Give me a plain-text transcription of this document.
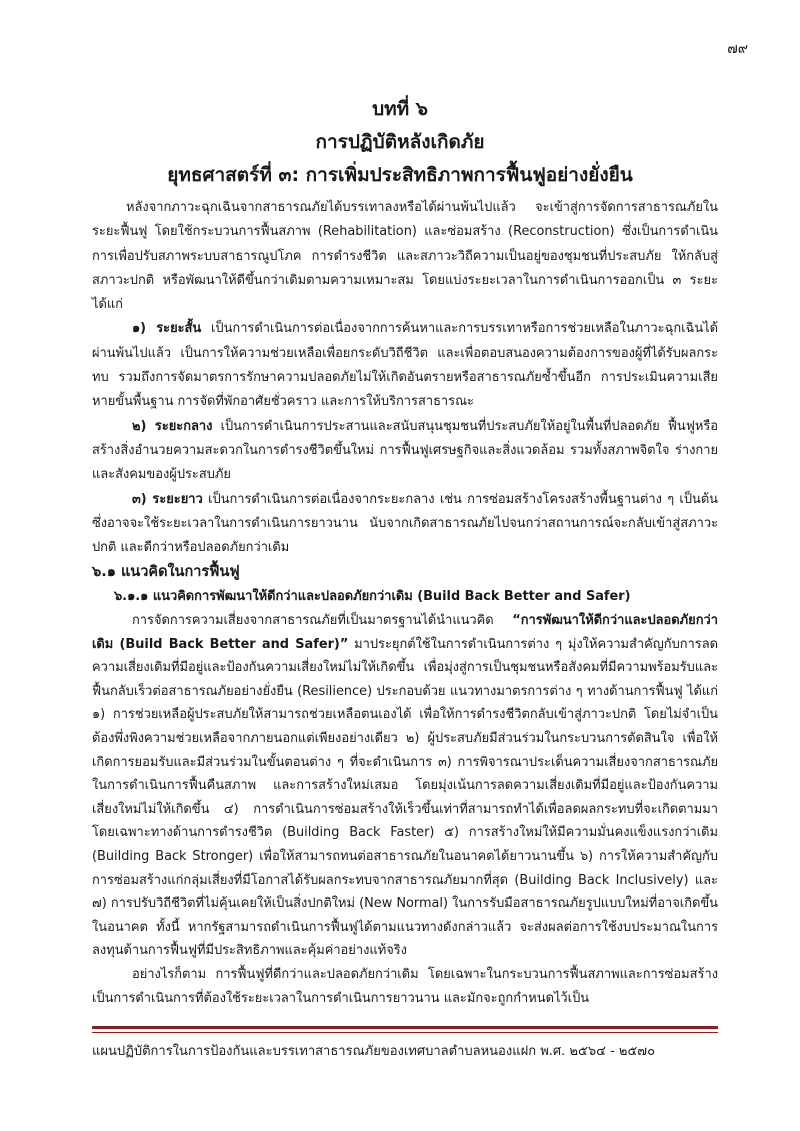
๗๙
บทที่ ๖
การปฏิบัติหลังเกิดภัย
ยุทธศาสตร์ที่ ๓: การเพิ่มประสิทธิภาพการฟื้นฟูอย่างยั่งยืน

หลังจากภาวะฉุกเฉินจากสาธารณภัยได้บรรเทาลงหรือได้ผ่านพ้นไปแล้ว จะเข้าสู่การจัดการสาธารณภัยในระยะฟื้นฟู โดยใช้กระบวนการฟื้นสภาพ (Rehabilitation) และซ่อมสร้าง (Reconstruction) ซึ่งเป็นการดำเนินการเพื่อปรับสภาพระบบสาธารณูปโภค การดำรงชีวิต และสภาวะวิถีความเป็นอยู่ของชุมชนที่ประสบภัย ให้กลับสู่สภาวะปกติ หรือพัฒนาให้ดีขึ้นกว่าเดิมตามความเหมาะสม โดยแบ่งระยะเวลาในการดำเนินการออกเป็น ๓ ระยะ ได้แก่

๑) ระยะสั้น เป็นการดำเนินการต่อเนื่องจากการค้นหาและการบรรเทาหรือการช่วยเหลือในภาวะฉุกเฉินได้ผ่านพ้นไปแล้ว เป็นการให้ความช่วยเหลือเพื่อยกระดับวิถีชีวิต และเพื่อตอบสนองความต้องการของผู้ที่ได้รับผลกระทบ รวมถึงการจัดมาตรการรักษาความปลอดภัยไม่ให้เกิดอันตรายหรือสาธารณภัยซ้ำขึ้นอีก การประเมินความเสียหายขั้นพื้นฐาน การจัดที่พักอาศัยชั่วคราว และการให้บริการสาธารณะ

๒) ระยะกลาง เป็นการดำเนินการประสานและสนับสนุนชุมชนที่ประสบภัยให้อยู่ในพื้นที่ปลอดภัย ฟื้นฟูหรือสร้างสิ่งอำนวยความสะดวกในการดำรงชีวิตขึ้นใหม่ การฟื้นฟูเศรษฐกิจและสิ่งแวดล้อม รวมทั้งสภาพจิตใจ ร่างกาย และสังคมของผู้ประสบภัย

๓) ระยะยาว เป็นการดำเนินการต่อเนื่องจากระยะกลาง เช่น การซ่อมสร้างโครงสร้างพื้นฐานต่าง ๆ เป็นต้น ซึ่งอาจจะใช้ระยะเวลาในการดำเนินการยาวนาน นับจากเกิดสาธารณภัยไปจนกว่าสถานการณ์จะกลับเข้าสู่สภาวะปกติ และดีกว่าหรือปลอดภัยกว่าเดิม

๖.๑ แนวคิดในการฟื้นฟู

๖.๑.๑ แนวคิดการพัฒนาให้ดีกว่าและปลอดภัยกว่าเดิม (Build Back Better and Safer)

การจัดการความเสี่ยงจากสาธารณภัยที่เป็นมาตรฐานได้นำแนวคิด “การพัฒนาให้ดีกว่าและปลอดภัยกว่าเดิม (Build Back Better and Safer)” มาประยุกต์ใช้ในการดำเนินการต่าง ๆ มุ่งให้ความสำคัญกับการลดความเสี่ยงเดิมที่มีอยู่และป้องกันความเสี่ยงใหม่ไม่ให้เกิดขึ้น เพื่อมุ่งสู่การเป็นชุมชนหรือสังคมที่มีความพร้อมรับและฟื้นกลับเร็วต่อสาธารณภัยอย่างยั่งยืน (Resilience) ประกอบด้วย แนวทางมาตรการต่าง ๆ ทางด้านการฟื้นฟู ได้แก่ ๑) การช่วยเหลือผู้ประสบภัยให้สามารถช่วยเหลือตนเองได้ เพื่อให้การดำรงชีวิตกลับเข้าสู่ภาวะปกติ โดยไม่จำเป็นต้องพึ่งพิงความช่วยเหลือจากภายนอกแต่เพียงอย่างเดียว ๒) ผู้ประสบภัยมีส่วนร่วมในกระบวนการตัดสินใจ เพื่อให้เกิดการยอมรับและมีส่วนร่วมในขั้นตอนต่าง ๆ ที่จะดำเนินการ ๓) การพิจารณาประเด็นความเสี่ยงจากสาธารณภัยในการดำเนินการฟื้นคืนสภาพ และการสร้างใหม่เสมอ โดยมุ่งเน้นการลดความเสี่ยงเดิมที่มีอยู่และป้องกันความเสี่ยงใหม่ไม่ให้เกิดขึ้น ๔) การดำเนินการซ่อมสร้างให้เร็วขึ้นเท่าที่สามารถทำได้เพื่อลดผลกระทบที่จะเกิดตามมา โดยเฉพาะทางด้านการดำรงชีวิต (Building Back Faster) ๕) การสร้างใหม่ให้มีความมั่นคงแข็งแรงกว่าเดิม (Building Back Stronger) เพื่อให้สามารถทนต่อสาธารณภัยในอนาคตได้ยาวนานขึ้น ๖) การให้ความสำคัญกับการซ่อมสร้างแก่กลุ่มเสี่ยงที่มีโอกาสได้รับผลกระทบจากสาธารณภัยมากที่สุด (Building Back Inclusively) และ ๗) การปรับวิถีชีวิตที่ไม่คุ้นเคยให้เป็นสิ่งปกติใหม่ (New Normal) ในการรับมือสาธารณภัยรูปแบบใหม่ที่อาจเกิดขึ้นในอนาคต ทั้งนี้ หากรัฐสามารถดำเนินการฟื้นฟูได้ตามแนวทางดังกล่าวแล้ว จะส่งผลต่อการใช้งบประมาณในการลงทุนด้านการฟื้นฟูที่มีประสิทธิภาพและคุ้มค่าอย่างแท้จริง

อย่างไรก็ตาม การฟื้นฟูที่ดีกว่าและปลอดภัยกว่าเดิม โดยเฉพาะในกระบวนการฟื้นสภาพและการซ่อมสร้างเป็นการดำเนินการที่ต้องใช้ระยะเวลาในการดำเนินการยาวนาน และมักจะถูกกำหนดไว้เป็น

แผนปฏิบัติการในการป้องกันและบรรเทาสาธารณภัยของเทศบาลตำบลหนองแฝก พ.ศ. ๒๕๖๔ - ๒๕๗๐
